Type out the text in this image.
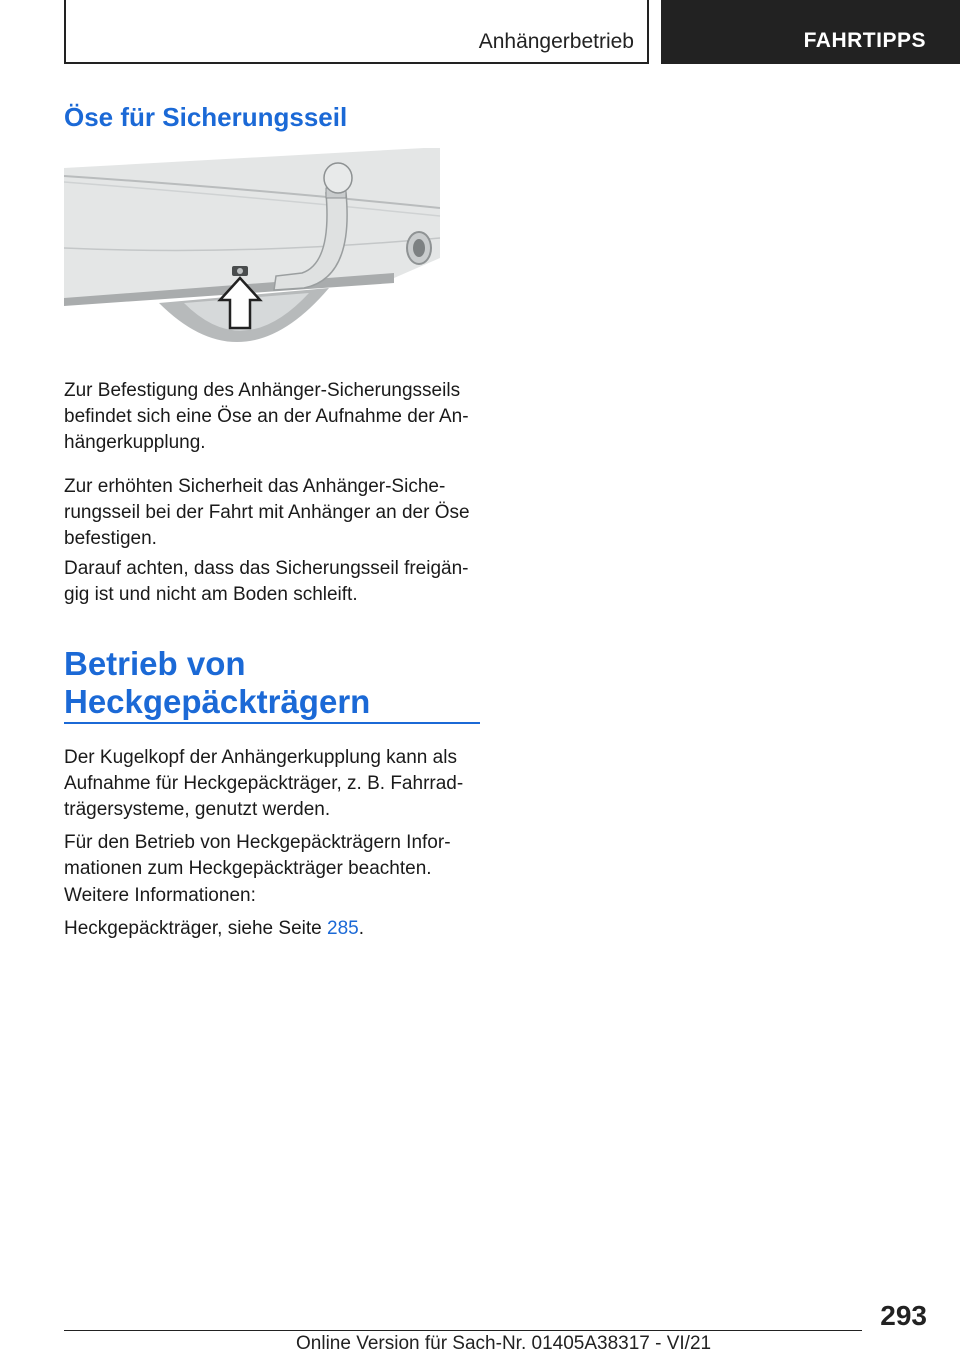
Anhängerbetrieb	FAHRTIPPS
Öse für Sicherungsseil

Zur Befestigung des Anhänger-Sicherungsseils befindet sich eine Öse an der Aufnahme der An-hängerkupplung.

Zur erhöhten Sicherheit das Anhänger-Siche-rungsseil bei der Fahrt mit Anhänger an der Öse befestigen.

Darauf achten, dass das Sicherungsseil freigän-gig ist und nicht am Boden schleift.

Betrieb von
Heckgepäckträgern

Der Kugelkopf der Anhängerkupplung kann als Aufnahme für Heckgepäckträger, z. B. Fahrrad-trägersysteme, genutzt werden.

Für den Betrieb von Heckgepäckträgern Infor-mationen zum Heckgepäckträger beachten.

Weitere Informationen:

Heckgepäckträger, siehe Seite 285.

293
Online Version für Sach-Nr. 01405A38317 - VI/21
